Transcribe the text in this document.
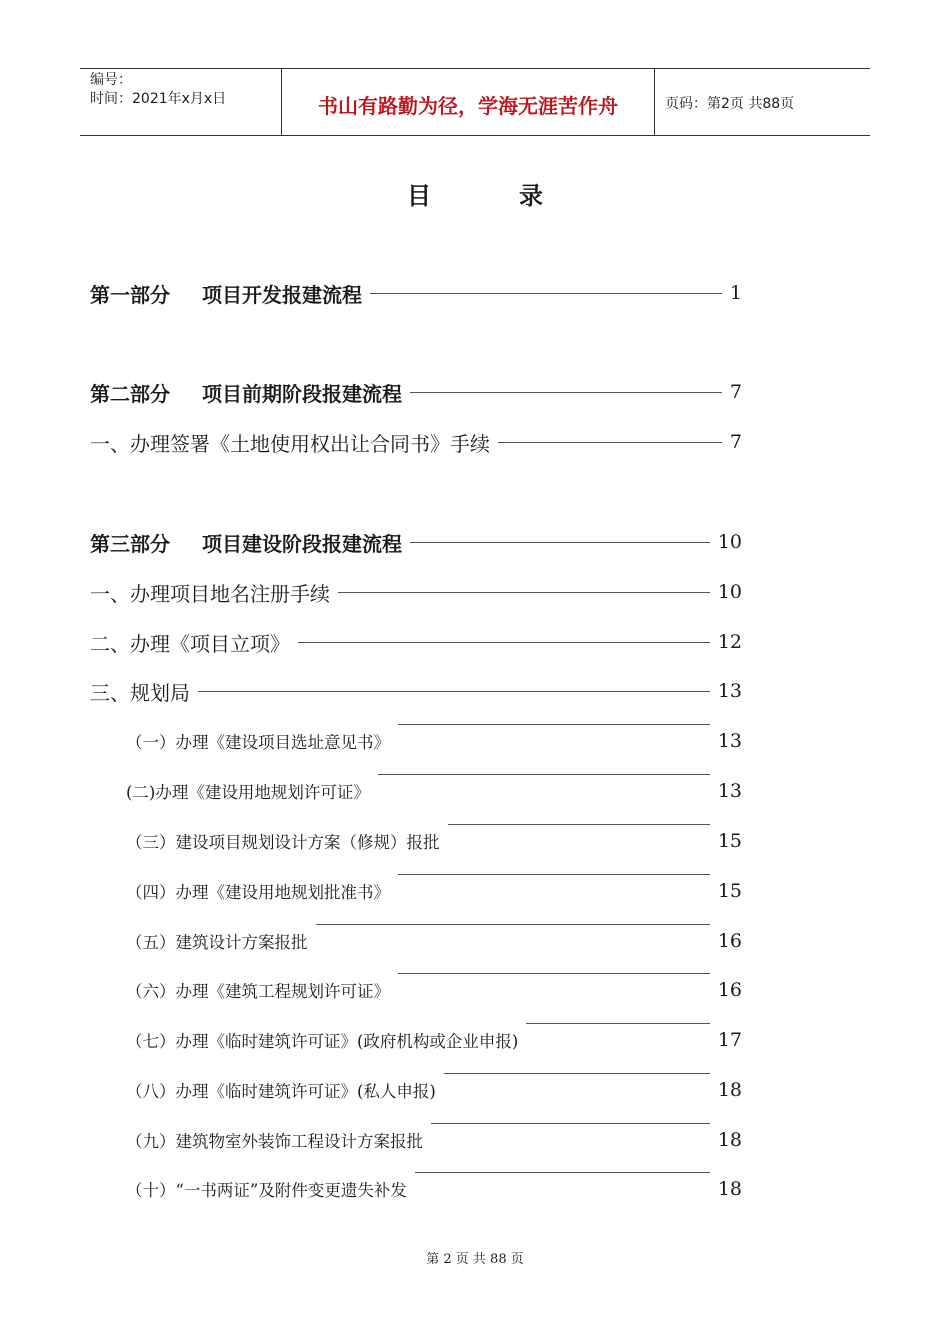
编号：
时间：2021年x月x日	书山有路勤为径，学海无涯苦作舟	页码：第2页 共88页
目	录
第一部分 项目开发报建流程	1
第二部分 项目前期阶段报建流程	7
一、办理签署《土地使用权出让合同书》手续	7
第三部分 项目建设阶段报建流程	10
一、办理项目地名注册手续	10
二、办理《项目立项》	12
三、规划局	13
（一）办理《建设项目选址意见书》	13
(二)办理《建设用地规划许可证》	13
（三）建设项目规划设计方案（修规）报批	15
（四）办理《建设用地规划批准书》	15
（五）建筑设计方案报批	16
（六）办理《建筑工程规划许可证》	16
（七）办理《临时建筑许可证》(政府机构或企业申报)	17
（八）办理《临时建筑许可证》(私人申报)	18
（九）建筑物室外装饰工程设计方案报批	18
（十）“一书两证”及附件变更遗失补发	18
第 2 页 共 88 页
